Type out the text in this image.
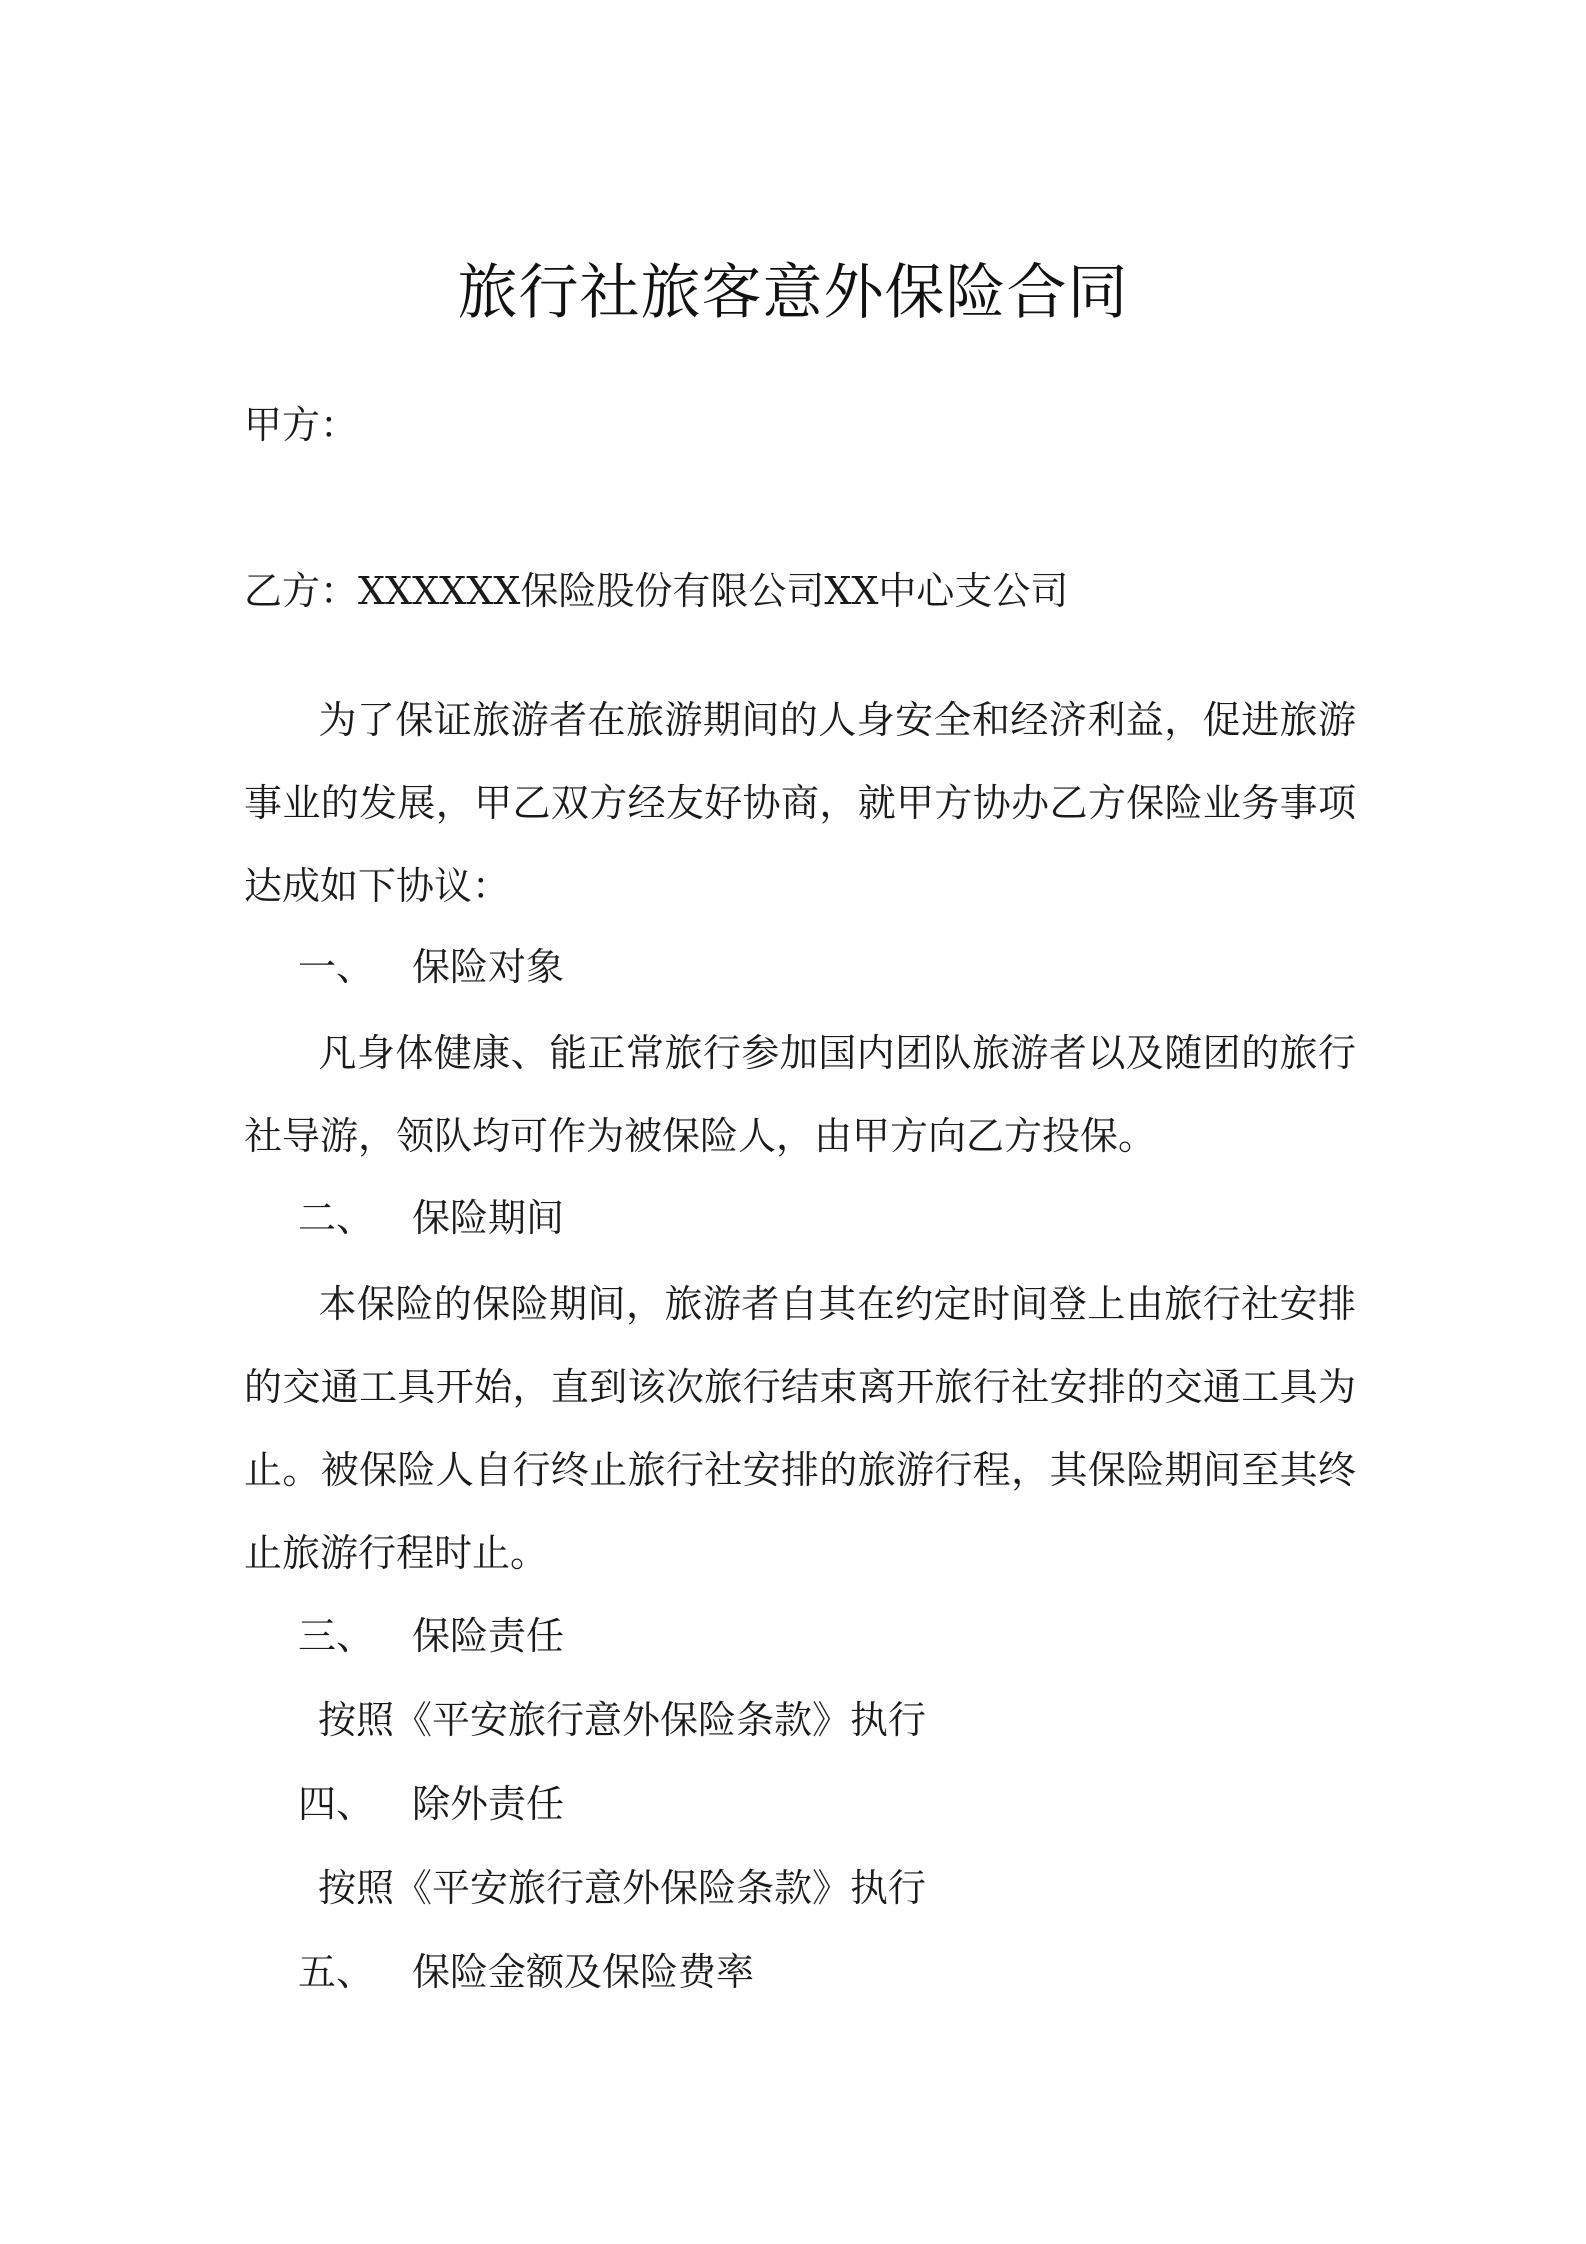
旅行社旅客意外保险合同
甲方：
乙方：XXXXXX保险股份有限公司XX中心支公司
为了保证旅游者在旅游期间的人身安全和经济利益，促进旅游事业的发展，甲乙双方经友好协商，就甲方协办乙方保险业务事项达成如下协议：
一、 保险对象
凡身体健康、能正常旅行参加国内团队旅游者以及随团的旅行社导游，领队均可作为被保险人，由甲方向乙方投保。
二、 保险期间
本保险的保险期间，旅游者自其在约定时间登上由旅行社安排的交通工具开始，直到该次旅行结束离开旅行社安排的交通工具为止。被保险人自行终止旅行社安排的旅游行程，其保险期间至其终止旅游行程时止。
三、 保险责任
按照《平安旅行意外保险条款》执行
四、 除外责任
按照《平安旅行意外保险条款》执行
五、 保险金额及保险费率
